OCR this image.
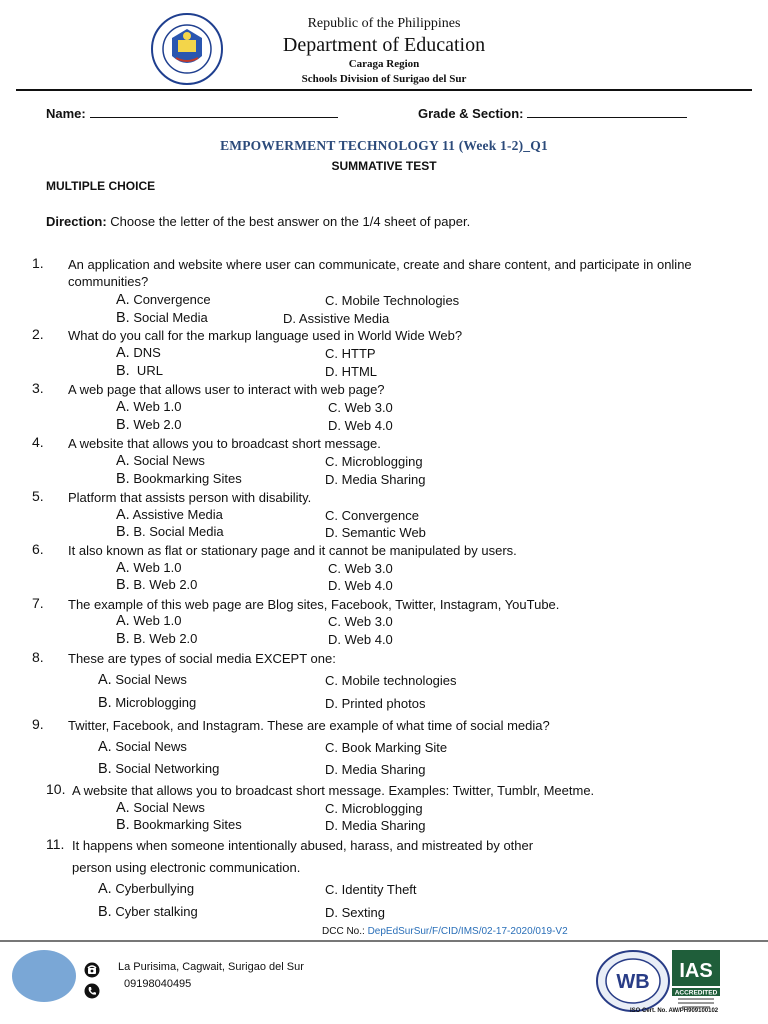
Republic of the Philippines
Department of Education
Caraga Region
Schools Division of Surigao del Sur
Name:	Grade & Section:
EMPOWERMENT TECHNOLOGY 11 (Week 1-2)_Q1
SUMMATIVE TEST
MULTIPLE CHOICE
Direction: Choose the letter of the best answer on the 1/4 sheet of paper.
1.	An application and website where user can communicate, create and share content, and participate in online communities?
A. Convergence
B. Social Media
C. Mobile Technologies
D. Assistive Media
2.	What do you call for the markup language used in World Wide Web?
A. DNS
B.  URL
C. HTTP
D. HTML
3.	A web page that allows user to interact with web page?
A. Web 1.0
B. Web 2.0
C. Web 3.0
D. Web 4.0
4.	A website that allows you to broadcast short message.
A. Social News
B. Bookmarking Sites
C. Microblogging
D. Media Sharing
5.	Platform that assists person with disability.
A. Assistive Media
B. B. Social Media
C. Convergence
D. Semantic Web
6.	It also known as flat or stationary page and it cannot be manipulated by users.
A. Web 1.0
B. B. Web 2.0
C. Web 3.0
D. Web 4.0
7.	The example of this web page are Blog sites, Facebook, Twitter, Instagram, YouTube.
A. Web 1.0
B. B. Web 2.0
C. Web 3.0
D. Web 4.0
8.	These are types of social media EXCEPT one:
A. Social News
B. Microblogging
C. Mobile technologies
D. Printed photos
9.	Twitter, Facebook, and Instagram. These are example of what time of social media?
A. Social News
B. Social Networking
C. Book Marking Site
D. Media Sharing
10. A website that allows you to broadcast short message. Examples: Twitter, Tumblr, Meetme.
A. Social News
B. Bookmarking Sites
C. Microblogging
D. Media Sharing
11. It happens when someone intentionally abused, harass, and mistreated by other
person using electronic communication.
A. Cyberbullying
B. Cyber stalking
C. Identity Theft
D. Sexting
DCC No.: DepEdSurSur/F/CID/IMS/02-17-2020/019-V2
La Purisima, Cagwait, Surigao del Sur
09198040495	WB IAS
ACCREDITED
ISO Cert. No. AW/PH909100102
